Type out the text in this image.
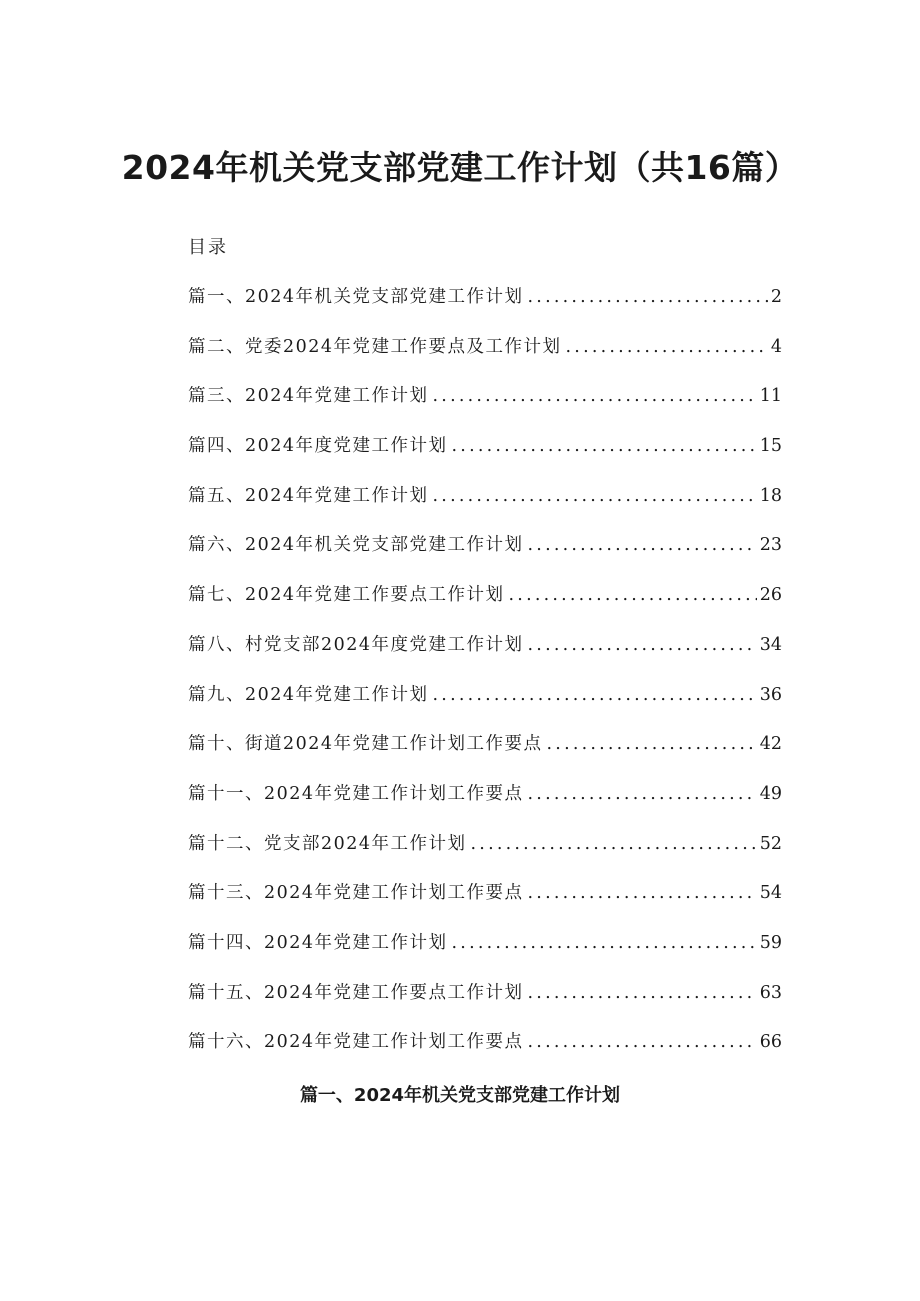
2024年机关党支部党建工作计划（共16篇）
目录
篇一、2024年机关党支部党建工作计划 .....	2
篇二、党委2024年党建工作要点及工作计划 .....	4
篇三、2024年党建工作计划 .....	11
篇四、2024年度党建工作计划 .....	15
篇五、2024年党建工作计划 .....	18
篇六、2024年机关党支部党建工作计划 .....	23
篇七、2024年党建工作要点工作计划 .....	26
篇八、村党支部2024年度党建工作计划 .....	34
篇九、2024年党建工作计划 .....	36
篇十、街道2024年党建工作计划工作要点 .....	42
篇十一、2024年党建工作计划工作要点 .....	49
篇十二、党支部2024年工作计划 .....	52
篇十三、2024年党建工作计划工作要点 .....	54
篇十四、2024年党建工作计划 .....	59
篇十五、2024年党建工作要点工作计划 .....	63
篇十六、2024年党建工作计划工作要点 .....	66
篇一、2024年机关党支部党建工作计划
